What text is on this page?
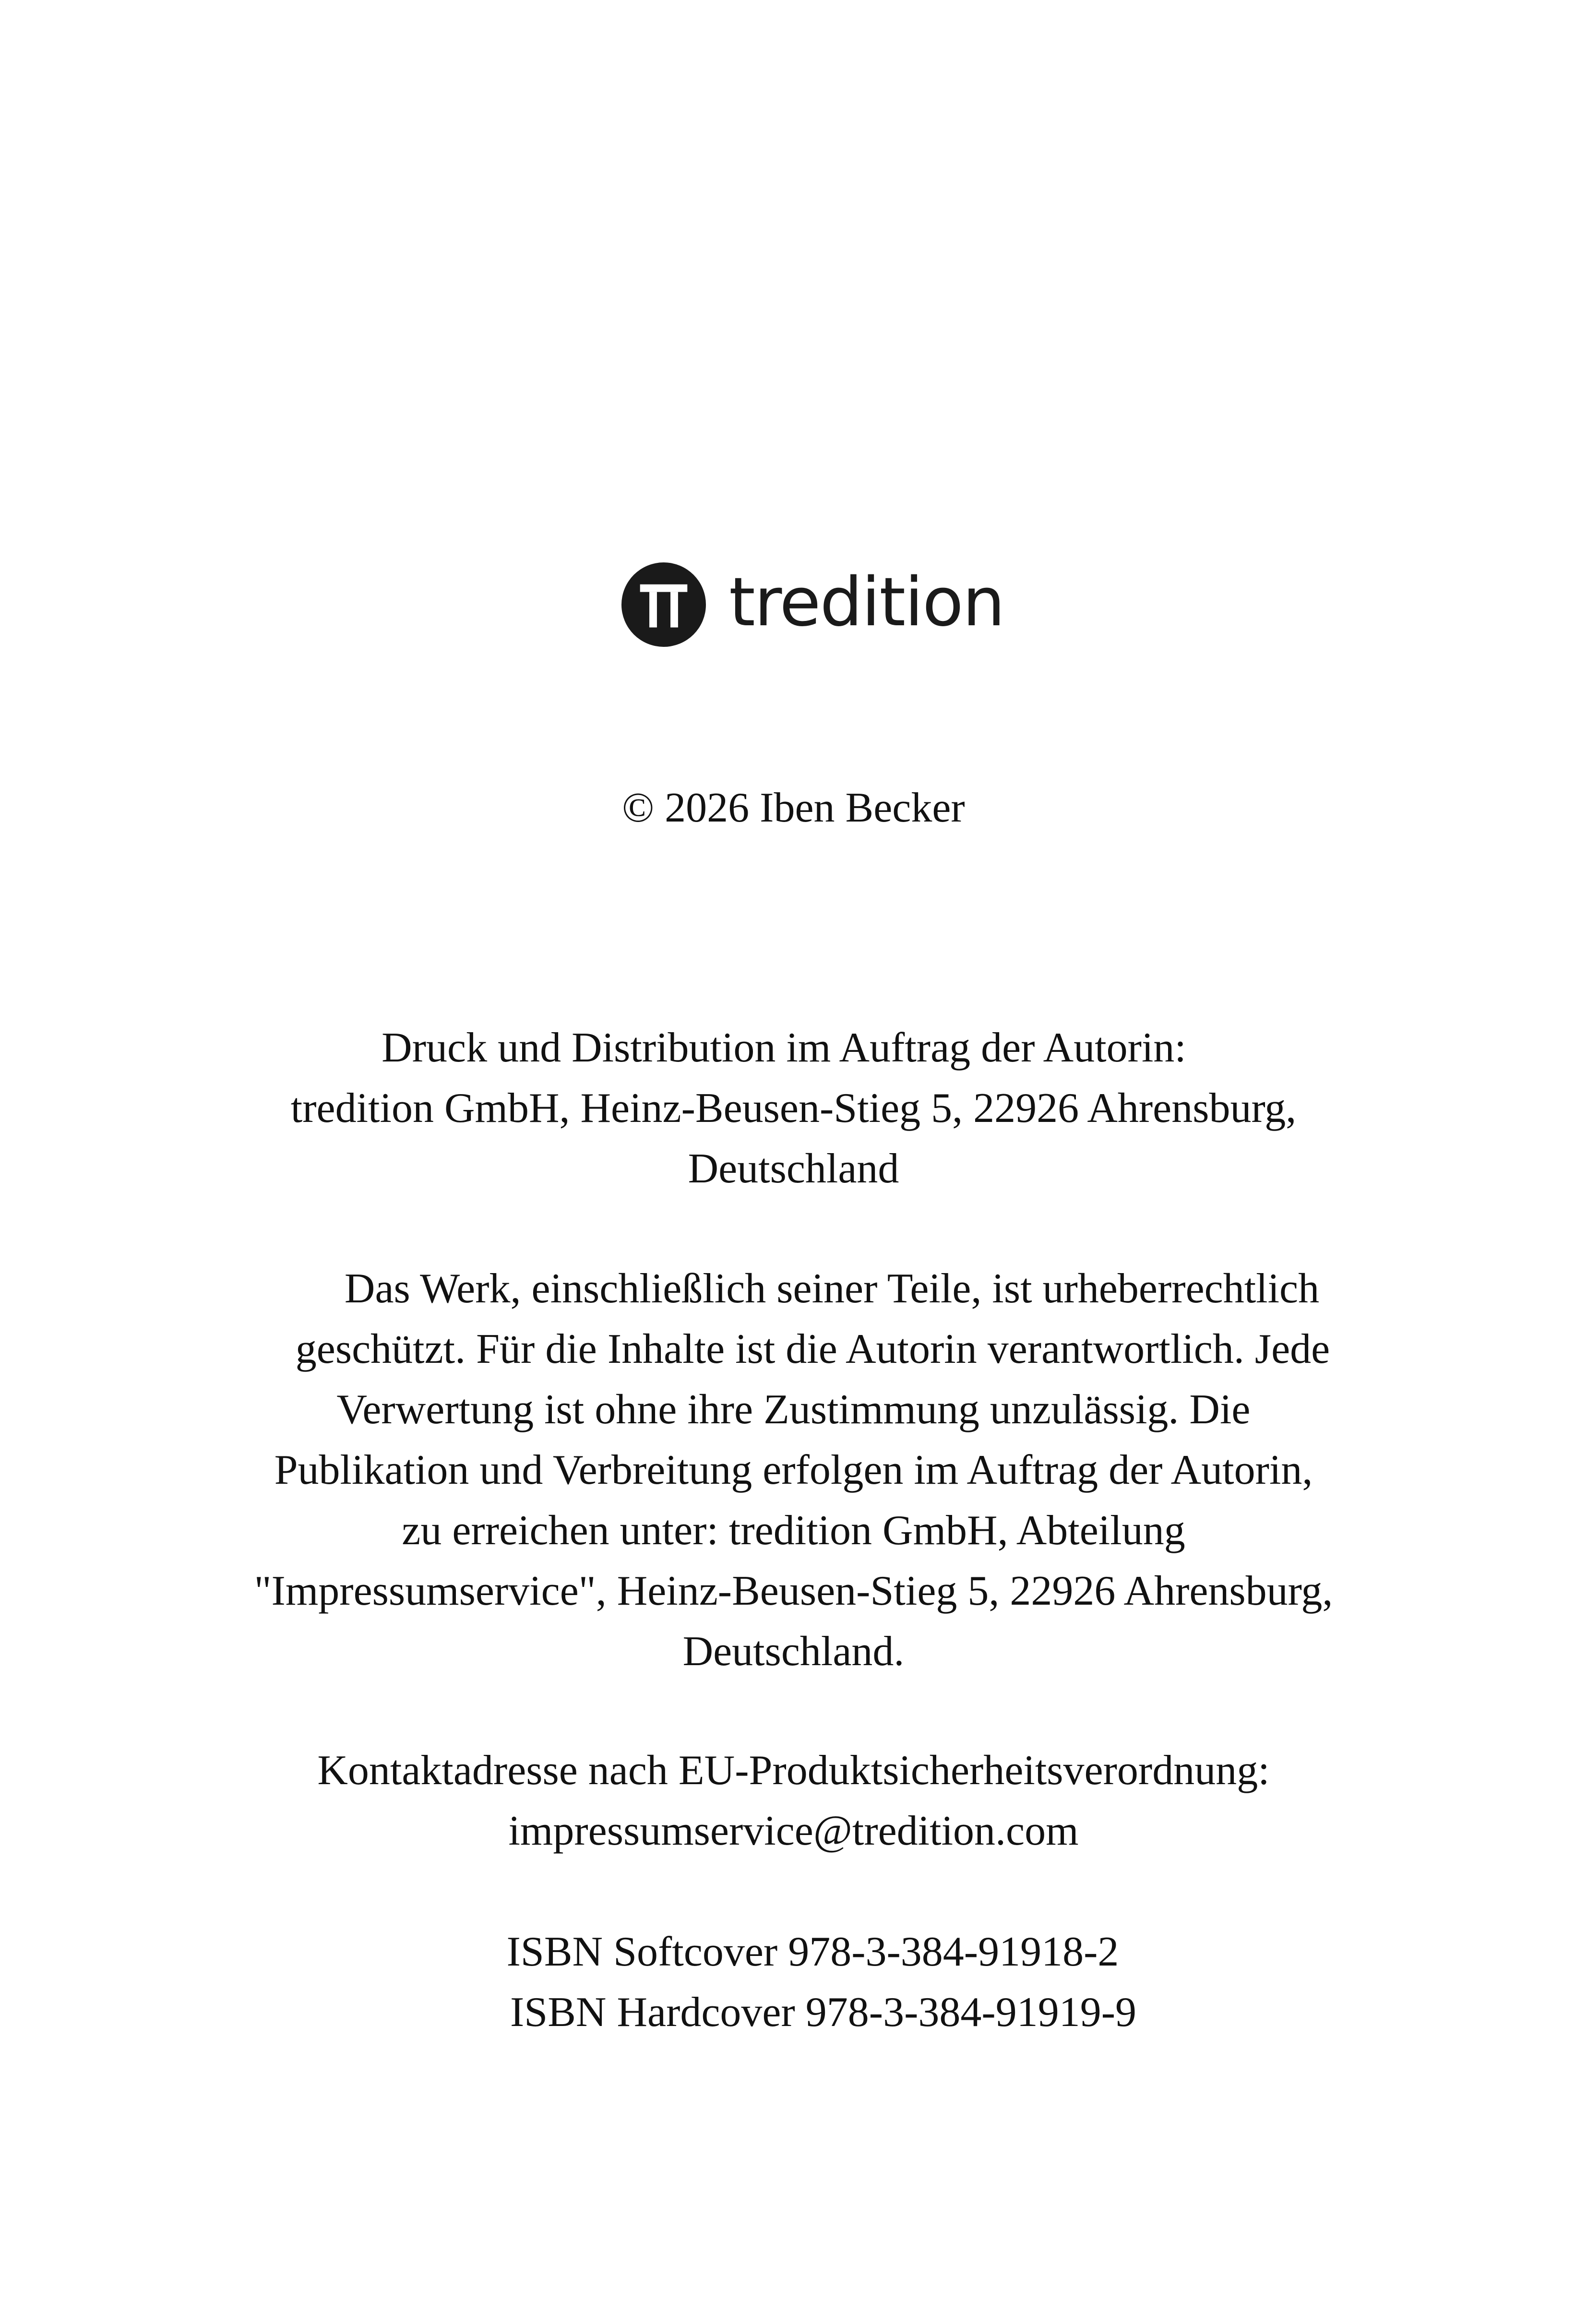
tredition
© 2026 Iben Becker
Druck und Distribution im Auftrag der Autorin:
tredition GmbH, Heinz-Beusen-Stieg 5, 22926 Ahrensburg,
Deutschland
Das Werk, einschließlich seiner Teile, ist urheberrechtlich
geschützt. Für die Inhalte ist die Autorin verantwortlich. Jede
Verwertung ist ohne ihre Zustimmung unzulässig. Die
Publikation und Verbreitung erfolgen im Auftrag der Autorin,
zu erreichen unter: tredition GmbH, Abteilung
"Impressumservice", Heinz-Beusen-Stieg 5, 22926 Ahrensburg,
Deutschland.
Kontaktadresse nach EU-Produktsicherheitsverordnung:
impressumservice@tredition.com
ISBN Softcover 978-3-384-91918-2
ISBN Hardcover 978-3-384-91919-9
